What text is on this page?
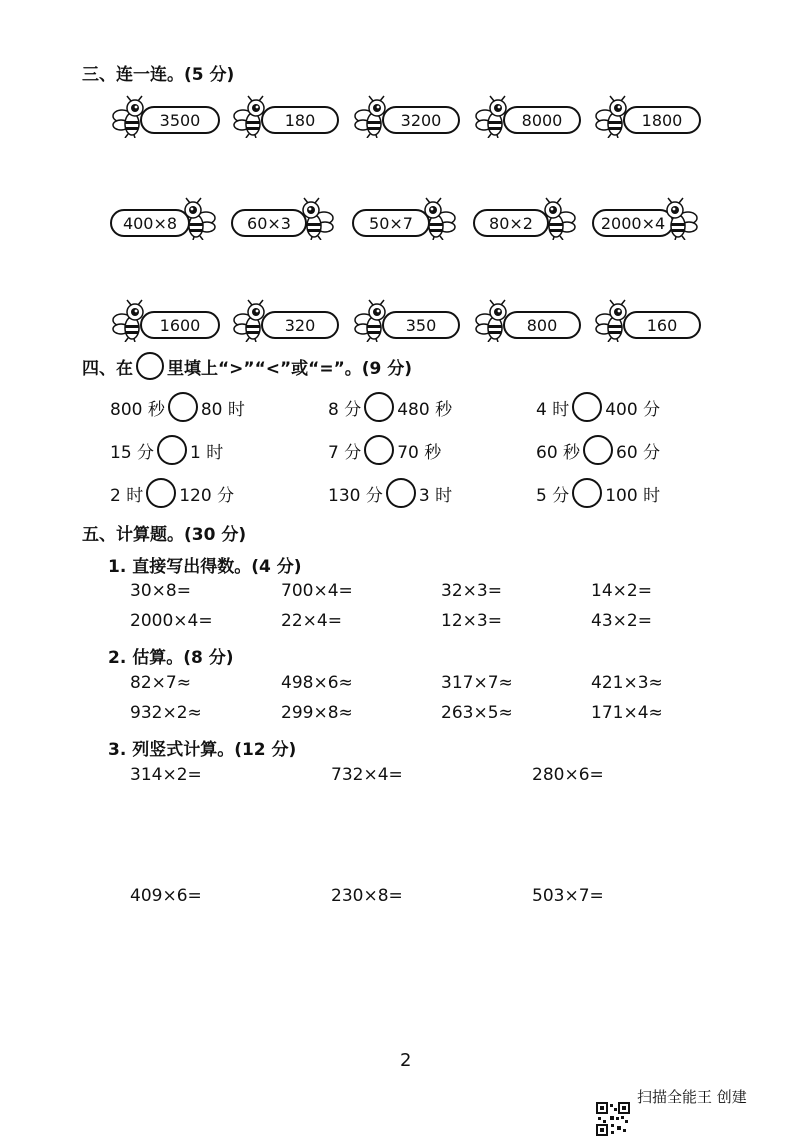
三、连一连。(5 分)
3500	180	3200	8000	1800
400×8	60×3	50×7	80×2	2000×4
1600	320	350	800	160
四、在 里填上“>”“<”或“=”。(9 分)
800 秒 80 时	8 分 480 秒	4 时 400 分
15 分 1 时	7 分 70 秒	60 秒 60 分
2 时 120 分	130 分 3 时	5 分 100 时
五、计算题。(30 分)
1. 直接写出得数。(4 分)
30×8=	700×4=	32×3=	14×2=
2000×4=	22×4=	12×3=	43×2=
2. 估算。(8 分)
82×7≈	498×6≈	317×7≈	421×3≈
932×2≈	299×8≈	263×5≈	171×4≈
3. 列竖式计算。(12 分)
314×2=	732×4=	280×6=
409×6=	230×8=	503×7=
2
扫描全能王 创建
